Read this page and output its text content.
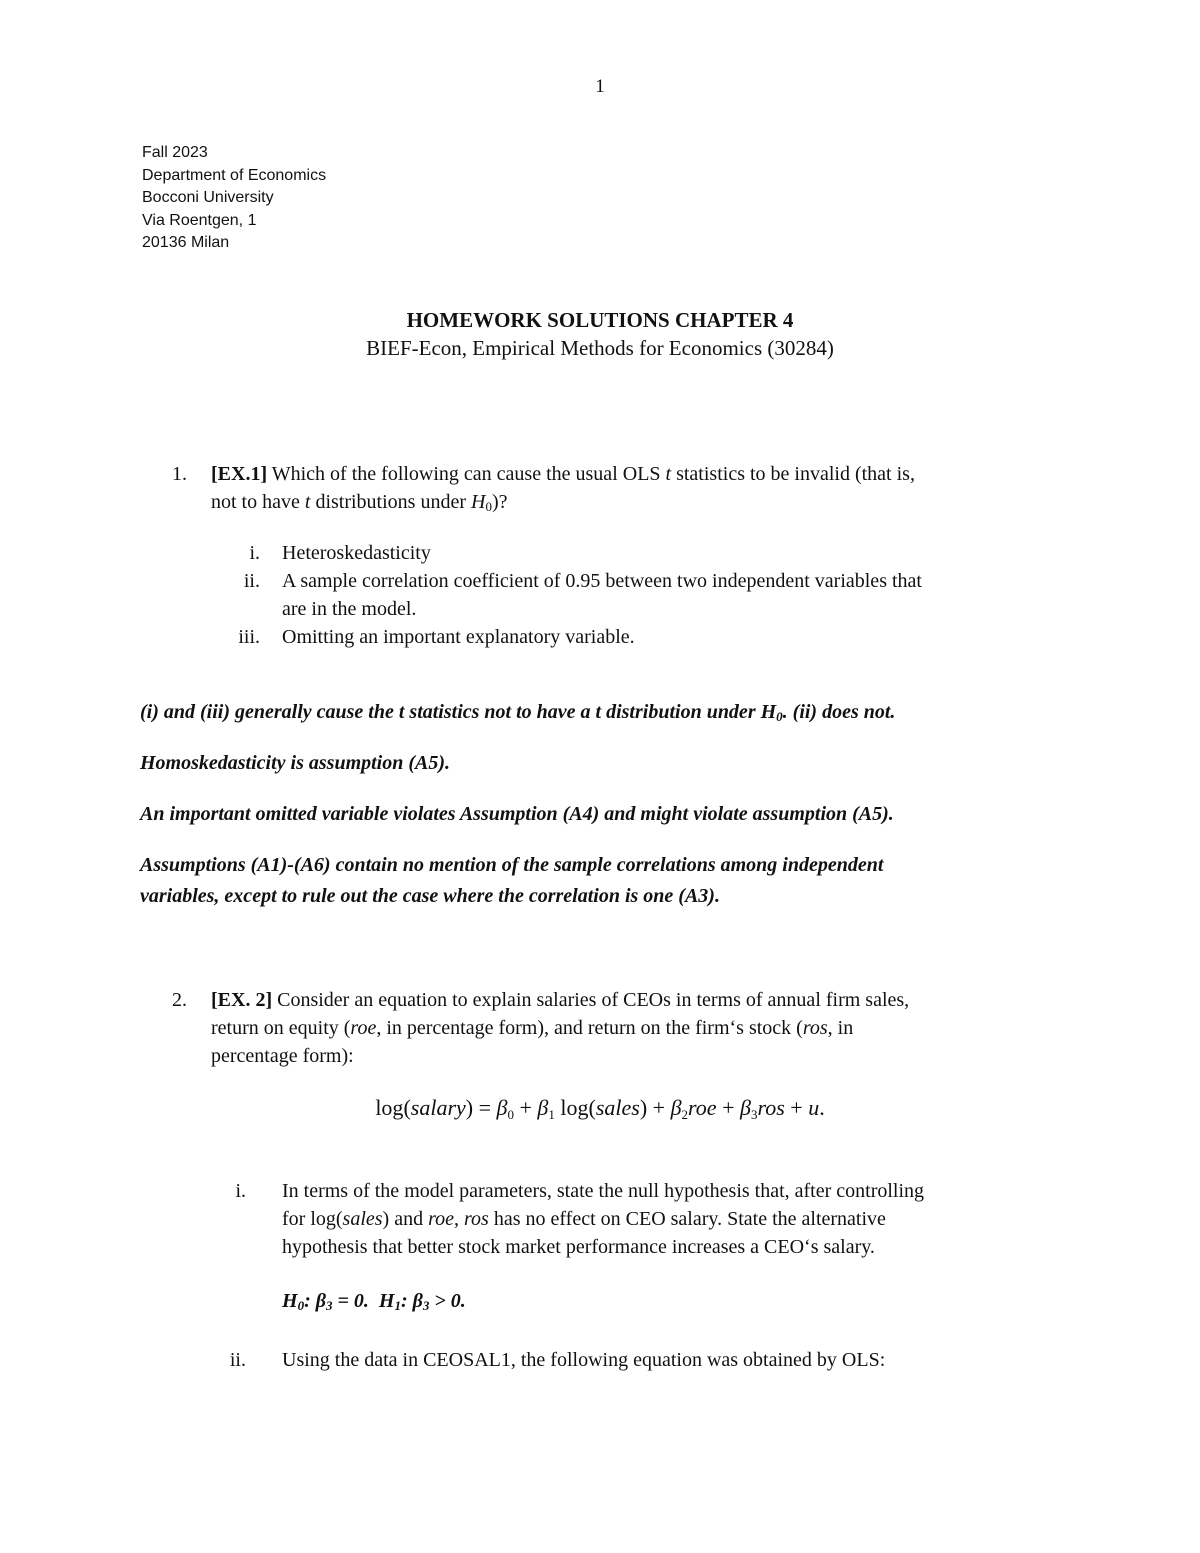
1
Fall 2023
Department of Economics
Bocconi University
Via Roentgen, 1
20136 Milan
HOMEWORK SOLUTIONS CHAPTER 4
BIEF-Econ, Empirical Methods for Economics (30284)
1. [EX.1] Which of the following can cause the usual OLS t statistics to be invalid (that is,
not to have t distributions under $H_0$)?
i. Heteroskedasticity
ii. A sample correlation coefficient of 0.95 between two independent variables that
are in the model.
iii. Omitting an important explanatory variable.
(i) and (iii) generally cause the t statistics not to have a t distribution under $H_0$. (ii) does not.
Homoskedasticity is assumption (A5).
An important omitted variable violates Assumption (A4) and might violate assumption (A5).
Assumptions (A1)-(A6) contain no mention of the sample correlations among independent
variables, except to rule out the case where the correlation is one (A3).
2. [EX. 2] Consider an equation to explain salaries of CEOs in terms of annual firm sales,
return on equity (roe, in percentage form), and return on the firm‘s stock (ros, in
percentage form):
log(salary) = $\beta_0 + \beta_1$ log(sales) + $\beta_2roe + \beta_3ros + u$.
i. In terms of the model parameters, state the null hypothesis that, after controlling
for log(sales) and roe, ros has no effect on CEO salary. State the alternative
hypothesis that better stock market performance increases a CEO‘s salary.
$H_0$: $\beta_3 = 0$.  $H_1$: $\beta_3 > 0$.
ii. Using the data in CEOSAL1, the following equation was obtained by OLS:
